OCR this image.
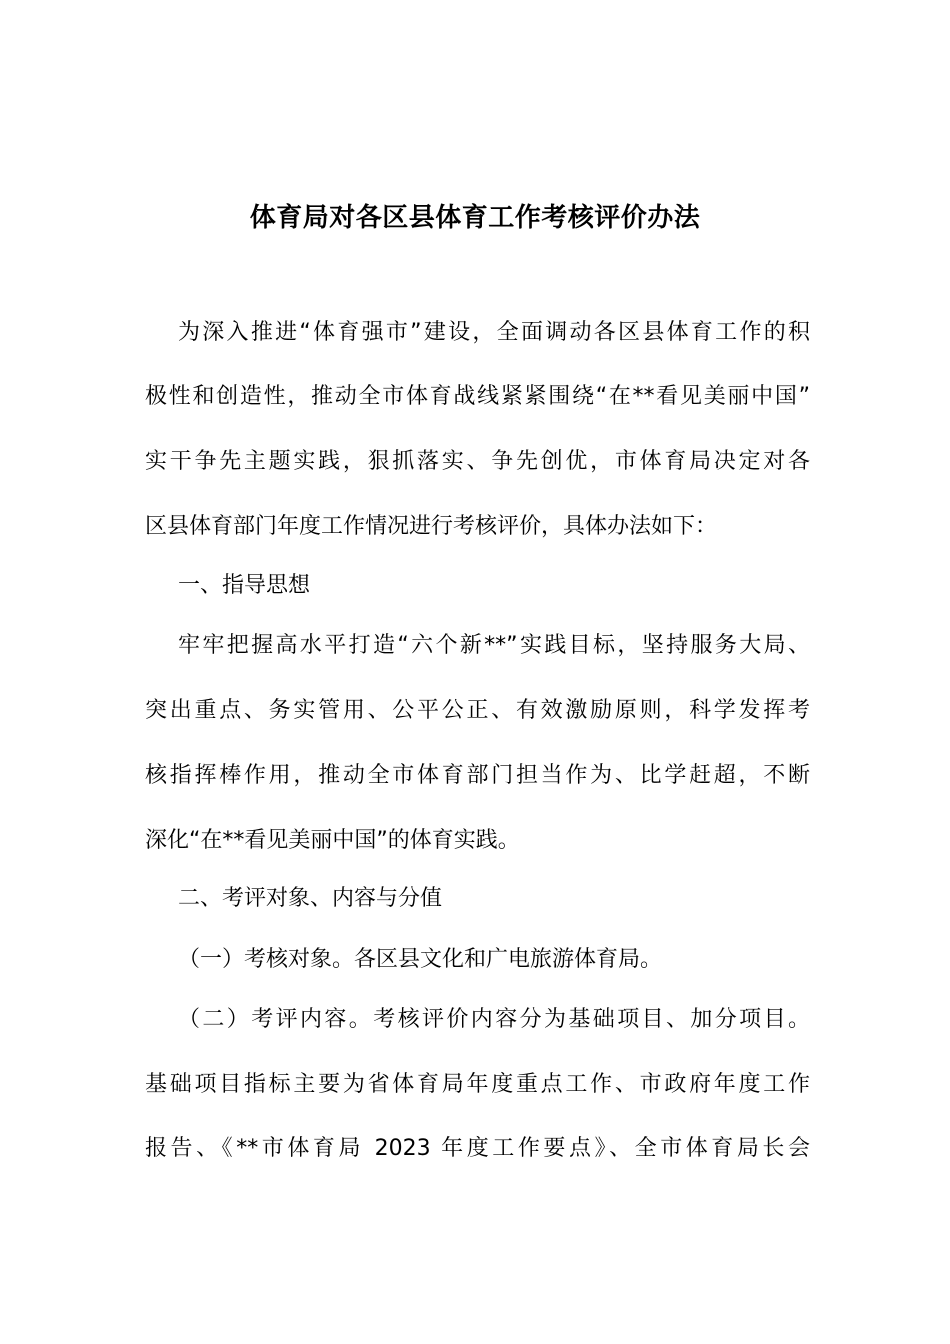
体育局对各区县体育工作考核评价办法
为深入推进“体育强市”建设，全面调动各区县体育工作的积
极性和创造性，推动全市体育战线紧紧围绕“在**看见美丽中国”
实干争先主题实践，狠抓落实、争先创优，市体育局决定对各
区县体育部门年度工作情况进行考核评价，具体办法如下：
一、指导思想
牢牢把握高水平打造“六个新**”实践目标，坚持服务大局、
突出重点、务实管用、公平公正、有效激励原则，科学发挥考
核指挥棒作用，推动全市体育部门担当作为、比学赶超，不断
深化“在**看见美丽中国”的体育实践。
二、考评对象、内容与分值
（一）考核对象。各区县文化和广电旅游体育局。
（二）考评内容。考核评价内容分为基础项目、加分项目。
基础项目指标主要为省体育局年度重点工作、市政府年度工作
报告、《**市体育局 2023 年度工作要点》、全市体育局长会
